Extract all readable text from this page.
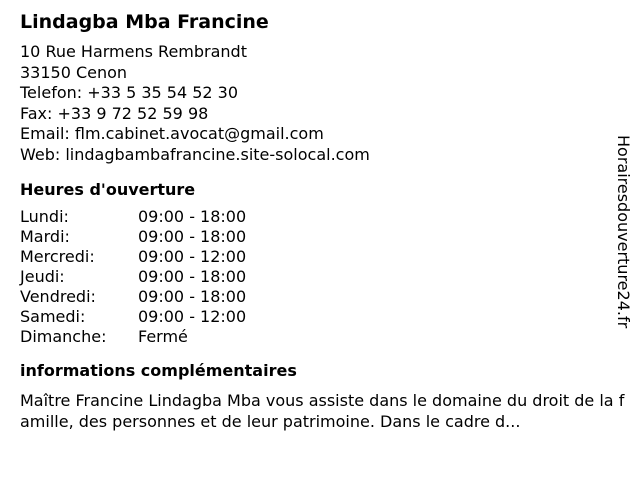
Lindagba Mba Francine
10 Rue Harmens Rembrandt
33150 Cenon
Telefon: +33 5 35 54 52 30
Fax: +33 9 72 52 59 98
Email: flm.cabinet.avocat@gmail.com
Web: lindagbambafrancine.site-solocal.com
Heures d'ouverture
Lundi:	09:00 - 18:00
Mardi:	09:00 - 18:00
Mercredi:	09:00 - 12:00
Jeudi:	09:00 - 18:00
Vendredi:	09:00 - 18:00
Samedi:	09:00 - 12:00
Dimanche:	Fermé
informations complémentaires
Maître Francine Lindagba Mba vous assiste dans le domaine du droit de la famille, des personnes et de leur patrimoine. Dans le cadre d...
Horairesdouverture24.fr
